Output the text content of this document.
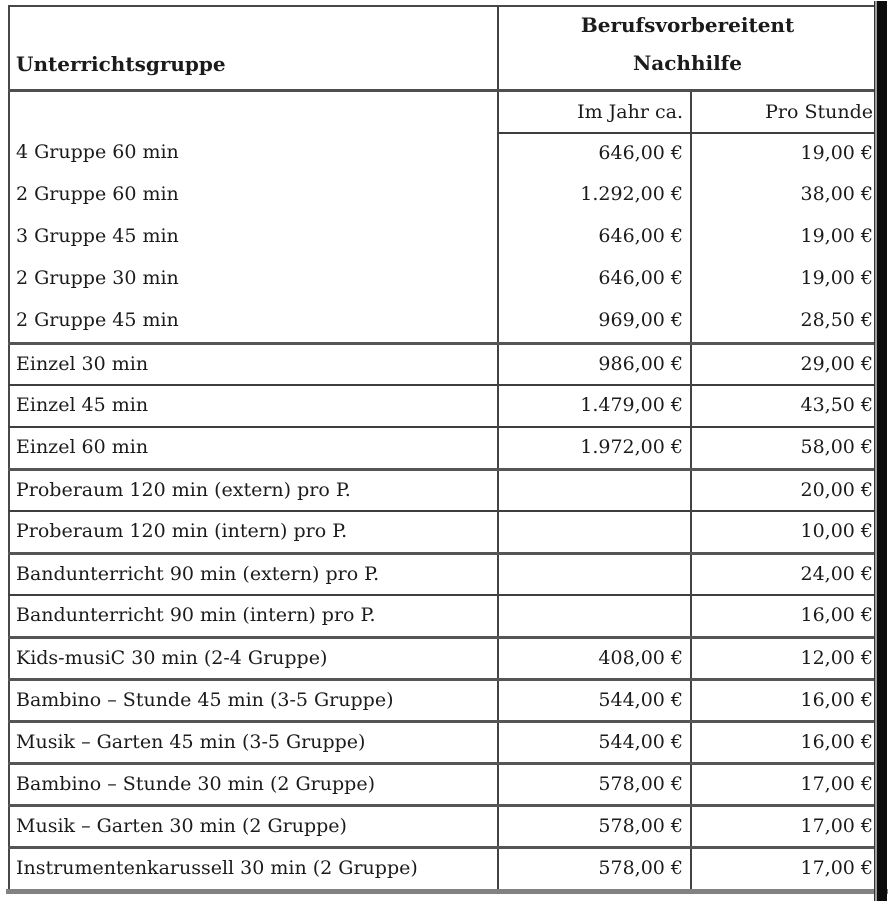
Unterrichtsgruppe	Berufsvorbereitent
Nachhilfe	

	Im Jahr ca.	Pro Stunde
4 Gruppe 60 min	646,00 €	19,00 €
2 Gruppe 60 min	1.292,00 €	38,00 €
3 Gruppe 45 min	646,00 €	19,00 €
2 Gruppe 30 min	646,00 €	19,00 €
2 Gruppe 45 min	969,00 €	28,50 €
Einzel 30 min	986,00 €	29,00 €
Einzel 45 min	1.479,00 €	43,50 €
Einzel 60 min	1.972,00 €	58,00 €
Proberaum 120 min (extern) pro P.		20,00 €
Proberaum 120 min (intern) pro P.		10,00 €
Bandunterricht 90 min (extern) pro P.		24,00 €
Bandunterricht 90 min (intern) pro P.		16,00 €
Kids-musiC 30 min (2-4 Gruppe)	408,00 €	12,00 €
Bambino – Stunde 45 min (3-5 Gruppe)	544,00 €	16,00 €
Musik – Garten 45 min (3-5 Gruppe)	544,00 €	16,00 €
Bambino – Stunde 30 min (2 Gruppe)	578,00 €	17,00 €
Musik – Garten 30 min (2 Gruppe)	578,00 €	17,00 €
Instrumentenkarussell 30 min (2 Gruppe)	578,00 €	17,00 €
